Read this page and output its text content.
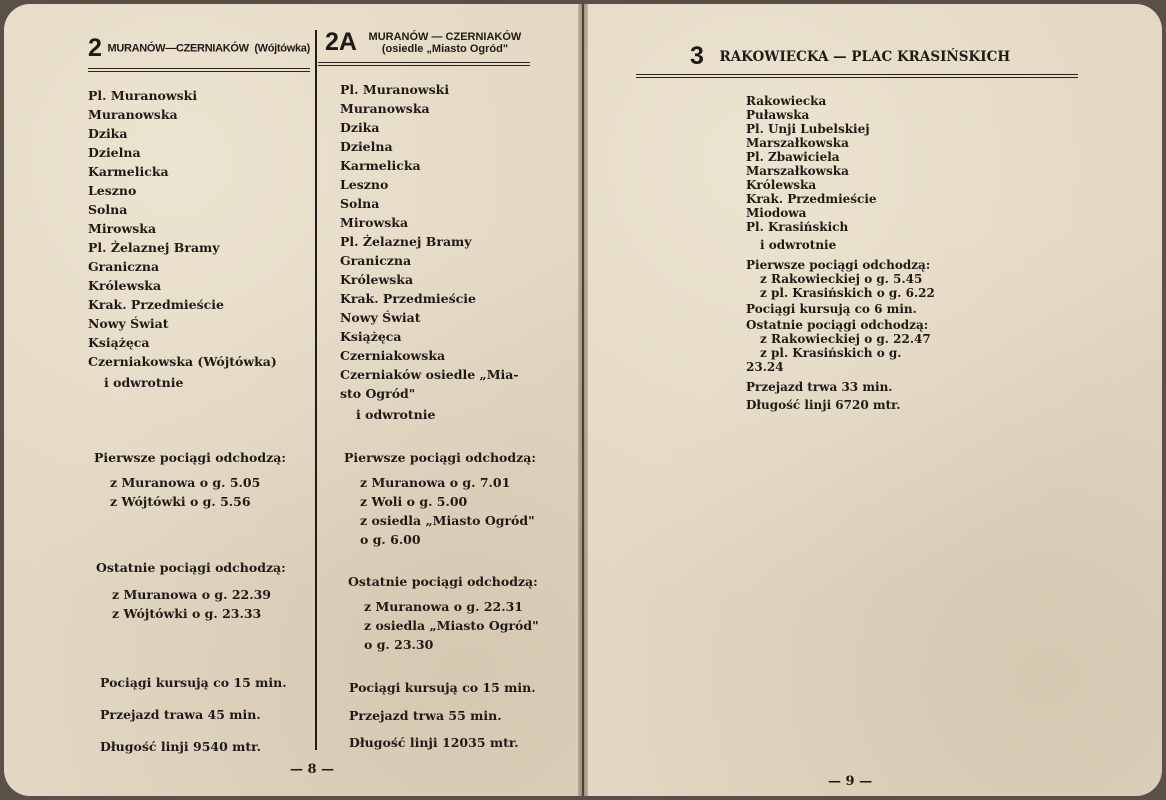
2 MURANÓW—CZERNIAKÓW (Wójtówka) 2A MURANÓW — CZERNIAKÓW
(osiedle „Miasto Ogród"
Pl. Muranowski
Muranowska
Dzika
Dzielna
Karmelicka
Leszno
Solna
Mirowska
Pl. Żelaznej Bramy
Graniczna
Królewska
Krak. Przedmieście
Nowy Świat
Książęca
Czerniakowska (Wójtówka)
i odwrotnie
Pierwsze pociągi odchodzą:
z Muranowa o g. 5.05
z Wójtówki o g. 5.56
Ostatnie pociągi odchodzą:
z Muranowa o g. 22.39
z Wójtówki o g. 23.33
Pociągi kursują co 15 min.
Przejazd trawa 45 min.
Długość linji 9540 mtr.
Pl. Muranowski
Muranowska
Dzika
Dzielna
Karmelicka
Leszno
Solna
Mirowska
Pl. Żelaznej Bramy
Graniczna
Królewska
Krak. Przedmieście
Nowy Świat
Książęca
Czerniakowska
Czerniaków osiedle „Mia-
sto Ogród"
i odwrotnie
Pierwsze pociągi odchodzą:
z Muranowa o g. 7.01
z Woli o g. 5.00
z osiedla „Miasto Ogród"
o g. 6.00
Ostatnie pociągi odchodzą:
z Muranowa o g. 22.31
z osiedla „Miasto Ogród"
o g. 23.30
Pociągi kursują co 15 min.
Przejazd trwa 55 min.
Długość linji 12035 mtr.
— 8 —
3 RAKOWIECKA — PLAC KRASIŃSKICH
Rakowiecka
Puławska
Pl. Unji Lubelskiej
Marszałkowska
Pl. Zbawiciela
Marszałkowska
Królewska
Krak. Przedmieście
Miodowa
Pl. Krasińskich
i odwrotnie
Pierwsze pociągi odchodzą:
z Rakowieckiej o g. 5.45
z pl. Krasińskich o g. 6.22
Pociągi kursują co 6 min.
Ostatnie pociągi odchodzą:
z Rakowieckiej o g. 22.47
z pl. Krasińskich o g.
23.24
Przejazd trwa 33 min.
Długość linji 6720 mtr.
— 9 —
